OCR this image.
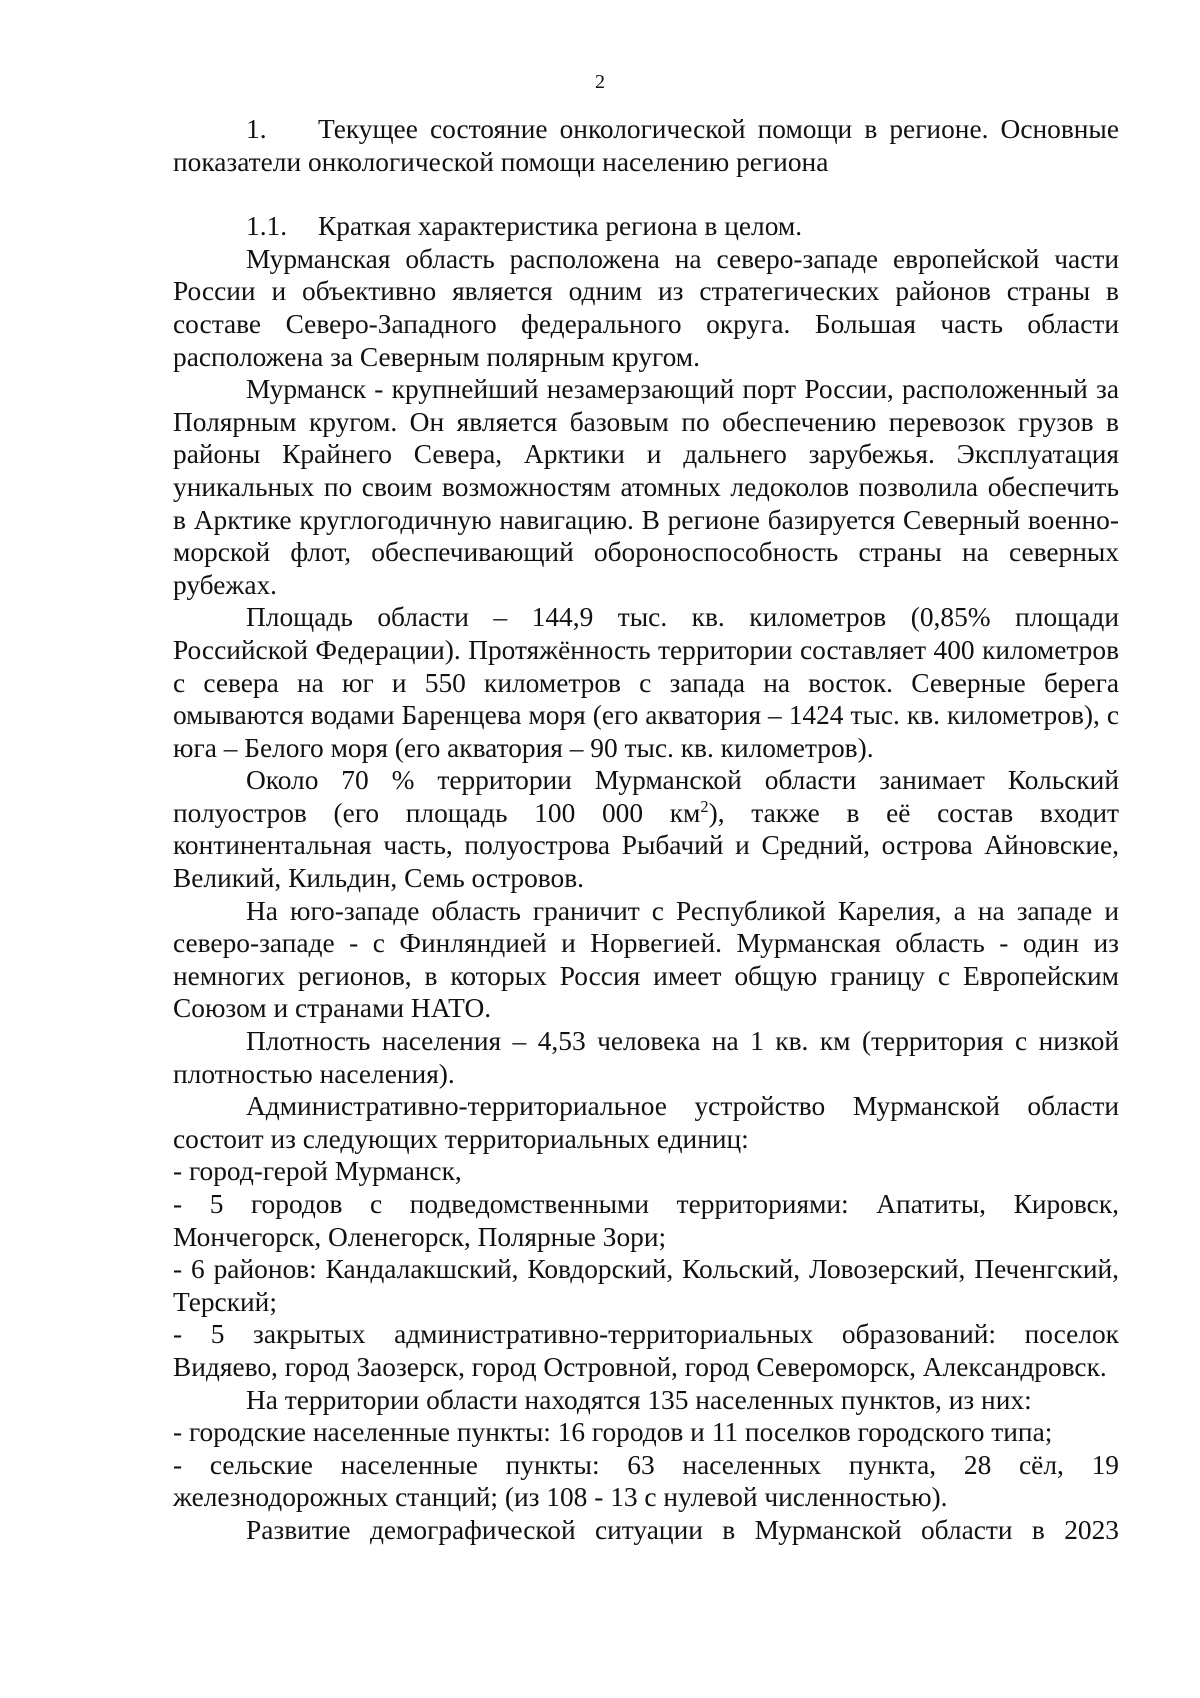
2

1. Текущее состояние онкологической помощи в регионе. Основные показатели онкологической помощи населению региона

1.1. Краткая характеристика региона в целом.

Мурманская область расположена на северо-западе европейской части России и объективно является одним из стратегических районов страны в составе Северо-Западного федерального округа. Большая часть области расположена за Северным полярным кругом.

Мурманск - крупнейший незамерзающий порт России, расположенный за Полярным кругом. Он является базовым по обеспечению перевозок грузов в районы Крайнего Севера, Арктики и дальнего зарубежья. Эксплуатация уникальных по своим возможностям атомных ледоколов позволила обеспечить в Арктике круглогодичную навигацию. В регионе базируется Северный военно-морской флот, обеспечивающий обороноспособность страны на северных рубежах.

Площадь области – 144,9 тыс. кв. километров (0,85% площади Российской Федерации). Протяжённость территории составляет 400 километров с севера на юг и 550 километров с запада на восток. Северные берега омываются водами Баренцева моря (его акватория – 1424 тыс. кв. километров), с юга – Белого моря (его акватория – 90 тыс. кв. километров).

Около 70 % территории Мурманской области занимает Кольский полуостров (его площадь 100 000 $км^2$), также в её состав входит континентальная часть, полуострова Рыбачий и Средний, острова Айновские, Великий, Кильдин, Семь островов.

На юго-западе область граничит с Республикой Карелия, а на западе и северо-западе - с Финляндией и Норвегией. Мурманская область - один из немногих регионов, в которых Россия имеет общую границу с Европейским Союзом и странами НАТО.

Плотность населения – 4,53 человека на 1 кв. км (территория с низкой плотностью населения).

Административно-территориальное устройство Мурманской области состоит из следующих территориальных единиц:

- город-герой Мурманск,

- 5 городов с подведомственными территориями: Апатиты, Кировск, Мончегорск, Оленегорск, Полярные Зори;

- 6 районов: Кандалакшский, Ковдорский, Кольский, Ловозерский, Печенгский, Терский;

- 5 закрытых административно-территориальных образований: поселок Видяево, город Заозерск, город Островной, город Североморск, Александровск.

На территории области находятся 135 населенных пунктов, из них:

- городские населенные пункты: 16 городов и 11 поселков городского типа;

- сельские населенные пункты: 63 населенных пункта, 28 сёл, 19 железнодорожных станций; (из 108 - 13 с нулевой численностью).

Развитие демографической ситуации в Мурманской области в 2023
